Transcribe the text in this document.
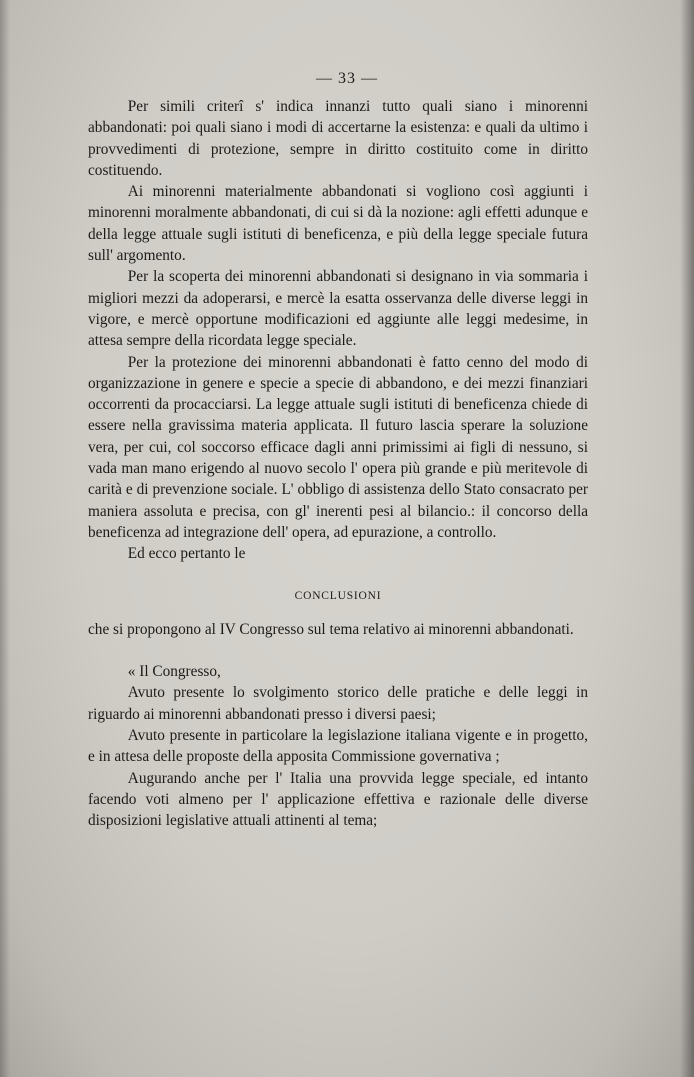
— 33 —

Per simili criterî s' indica innanzi tutto quali siano i minorenni abbandonati: poi quali siano i modi di accertarne la esistenza: e quali da ultimo i provvedimenti di protezione, sempre in diritto costituito come in diritto costituendo.

Ai minorenni materialmente abbandonati si vogliono così aggiunti i minorenni moralmente abbandonati, di cui si dà la nozione: agli effetti adunque e della legge attuale sugli istituti di beneficenza, e più della legge speciale futura sull' argomento.

Per la scoperta dei minorenni abbandonati si designano in via sommaria i migliori mezzi da adoperarsi, e mercè la esatta osservanza delle diverse leggi in vigore, e mercè opportune modificazioni ed aggiunte alle leggi medesime, in attesa sempre della ricordata legge speciale.

Per la protezione dei minorenni abbandonati è fatto cenno del modo di organizzazione in genere e specie a specie di abbandono, e dei mezzi finanziari occorrenti da procacciarsi. La legge attuale sugli istituti di beneficenza chiede di essere nella gravissima materia applicata. Il futuro lascia sperare la soluzione vera, per cui, col soccorso efficace dagli anni primissimi ai figli di nessuno, si vada man mano erigendo al nuovo secolo l' opera più grande e più meritevole di carità e di prevenzione sociale. L' obbligo di assistenza dello Stato consacrato per maniera assoluta e precisa, con gl' inerenti pesi al bilancio.: il concorso della beneficenza ad integrazione dell' opera, ad epurazione, a controllo.

Ed ecco pertanto le

CONCLUSIONI

che si propongono al IV Congresso sul tema relativo ai minorenni abbandonati.

« Il Congresso,

Avuto presente lo svolgimento storico delle pratiche e delle leggi in riguardo ai minorenni abbandonati presso i diversi paesi;

Avuto presente in particolare la legislazione italiana vigente e in progetto, e in attesa delle proposte della apposita Commissione governativa ;

Augurando anche per l' Italia una provvida legge speciale, ed intanto facendo voti almeno per l' applicazione effettiva e razionale delle diverse disposizioni legislative attuali attinenti al tema;
